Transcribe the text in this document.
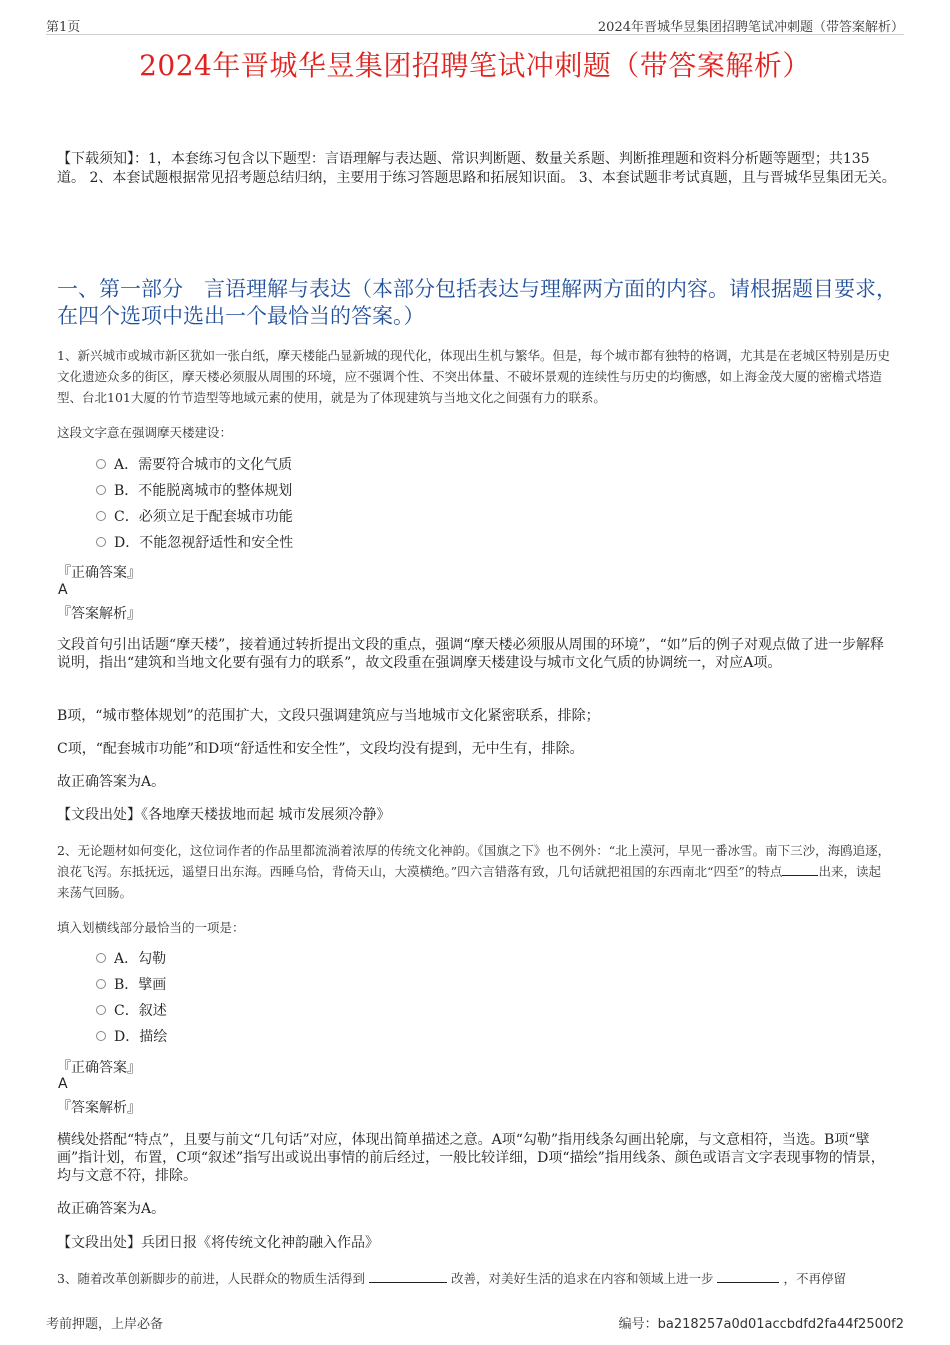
第1页	2024年晋城华昱集团招聘笔试冲刺题（带答案解析）
2024年晋城华昱集团招聘笔试冲刺题（带答案解析）
【下载须知】：1，本套练习包含以下题型：言语理解与表达题、常识判断题、数量关系题、判断推理题和资料分析题等题型；共135道。 2、本套试题根据常见招考题总结归纳，主要用于练习答题思路和拓展知识面。 3、本套试题非考试真题，且与晋城华昱集团无关。
一、第一部分　言语理解与表达（本部分包括表达与理解两方面的内容。请根据题目要求，在四个选项中选出一个最恰当的答案。）
1、新兴城市或城市新区犹如一张白纸，摩天楼能凸显新城的现代化，体现出生机与繁华。但是，每个城市都有独特的格调，尤其是在老城区特别是历史文化遗迹众多的街区，摩天楼必须服从周围的环境，应不强调个性、不突出体量、不破坏景观的连续性与历史的均衡感，如上海金茂大厦的密檐式塔造型、台北101大厦的竹节造型等地域元素的使用，就是为了体现建筑与当地文化之间强有力的联系。
这段文字意在强调摩天楼建设：
A．需要符合城市的文化气质
B．不能脱离城市的整体规划
C．必须立足于配套城市功能
D．不能忽视舒适性和安全性
『正确答案』
A
『答案解析』
文段首句引出话题“摩天楼”，接着通过转折提出文段的重点，强调“摩天楼必须服从周围的环境”，“如”后的例子对观点做了进一步解释说明，指出“建筑和当地文化要有强有力的联系”，故文段重在强调摩天楼建设与城市文化气质的协调统一，对应A项。
B项，“城市整体规划”的范围扩大，文段只强调建筑应与当地城市文化紧密联系，排除；
C项，“配套城市功能”和D项“舒适性和安全性”，文段均没有提到，无中生有，排除。
故正确答案为A。
【文段出处】《各地摩天楼拔地而起 城市发展须冷静》
2、无论题材如何变化，这位词作者的作品里都流淌着浓厚的传统文化神韵。《国旗之下》也不例外：“北上漠河，早见一番冰雪。南下三沙，海鸥追逐，浪花飞泻。东抵抚远，遥望日出东海。西睡乌恰，背倚天山，大漠横绝。”四六言错落有致，几句话就把祖国的东西南北“四至”的特点	出来，读起来荡气回肠。
填入划横线部分最恰当的一项是：
A．勾勒
B．擘画
C．叙述
D．描绘
『正确答案』
A
『答案解析』
横线处搭配“特点”，且要与前文“几句话”对应，体现出简单描述之意。A项“勾勒”指用线条勾画出轮廓，与文意相符，当选。B项“擘画”指计划，布置，C项“叙述”指写出或说出事情的前后经过，一般比较详细，D项“描绘”指用线条、颜色或语言文字表现事物的情景，均与文意不符，排除。
故正确答案为A。
【文段出处】兵团日报《将传统文化神韵融入作品》
3、随着改革创新脚步的前进，人民群众的物质生活得到	改善，对美好生活的追求在内容和领域上进一步	，不再停留
考前押题，上岸必备	编号：ba218257a0d01accbdfd2fa44f2500f2
